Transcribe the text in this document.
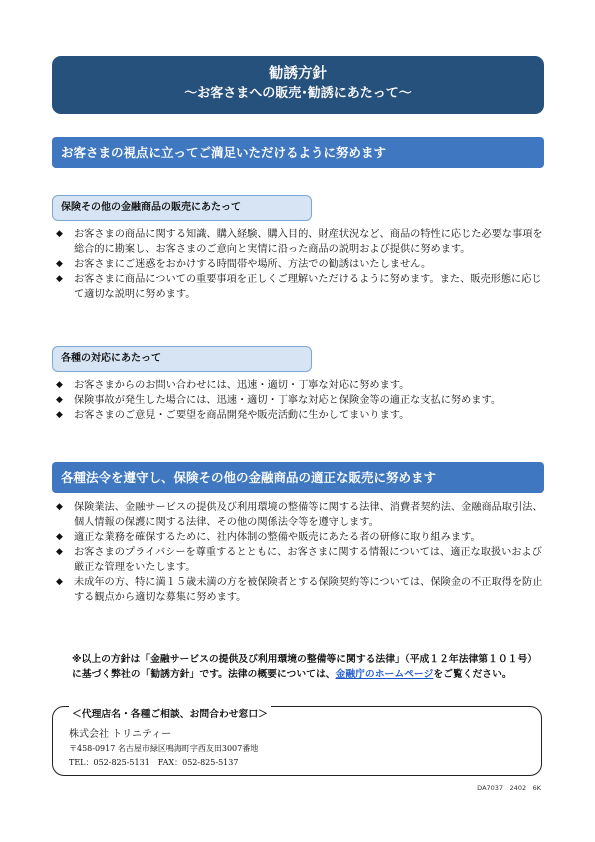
勧誘方針
～お客さまへの販売･勧誘にあたって～
お客さまの視点に立ってご満足いただけるように努めます
保険その他の金融商品の販売にあたって
◆ お客さまの商品に関する知識、購入経験、購入目的、財産状況など、商品の特性に応じた必要な事項を総合的に勘案し、お客さまのご意向と実情に沿った商品の説明および提供に努めます。
◆ お客さまにご迷惑をおかけする時間帯や場所、方法での勧誘はいたしません。
◆ お客さまに商品についての重要事項を正しくご理解いただけるように努めます。また、販売形態に応じて適切な説明に努めます。
各種の対応にあたって
◆ お客さまからのお問い合わせには、迅速・適切・丁寧な対応に努めます。
◆ 保険事故が発生した場合には、迅速・適切・丁寧な対応と保険金等の適正な支払に努めます。
◆ お客さまのご意見・ご要望を商品開発や販売活動に生かしてまいります。
各種法令を遵守し、保険その他の金融商品の適正な販売に努めます
◆ 保険業法、金融サービスの提供及び利用環境の整備等に関する法律、消費者契約法、金融商品取引法、個人情報の保護に関する法律、その他の関係法令等を遵守します。
◆ 適正な業務を確保するために、社内体制の整備や販売にあたる者の研修に取り組みます。
◆ お客さまのプライバシーを尊重するとともに、お客さまに関する情報については、適正な取扱いおよび厳正な管理をいたします。
◆ 未成年の方、特に満１５歳未満の方を被保険者とする保険契約等については、保険金の不正取得を防止する観点から適切な募集に努めます。
※以上の方針は「金融サービスの提供及び利用環境の整備等に関する法律」（平成１２年法律第１０１号）に基づく弊社の「勧誘方針」です。法律の概要については、金融庁のホームページをご覧ください。
＜代理店名・各種ご相談、お問合わせ窓口＞
株式会社 トリニティー
〒458-0917 名古屋市緑区鳴海町字西友田3007番地
TEL：052-825-5131　FAX：052-825-5137
DA7037　2402　6K
